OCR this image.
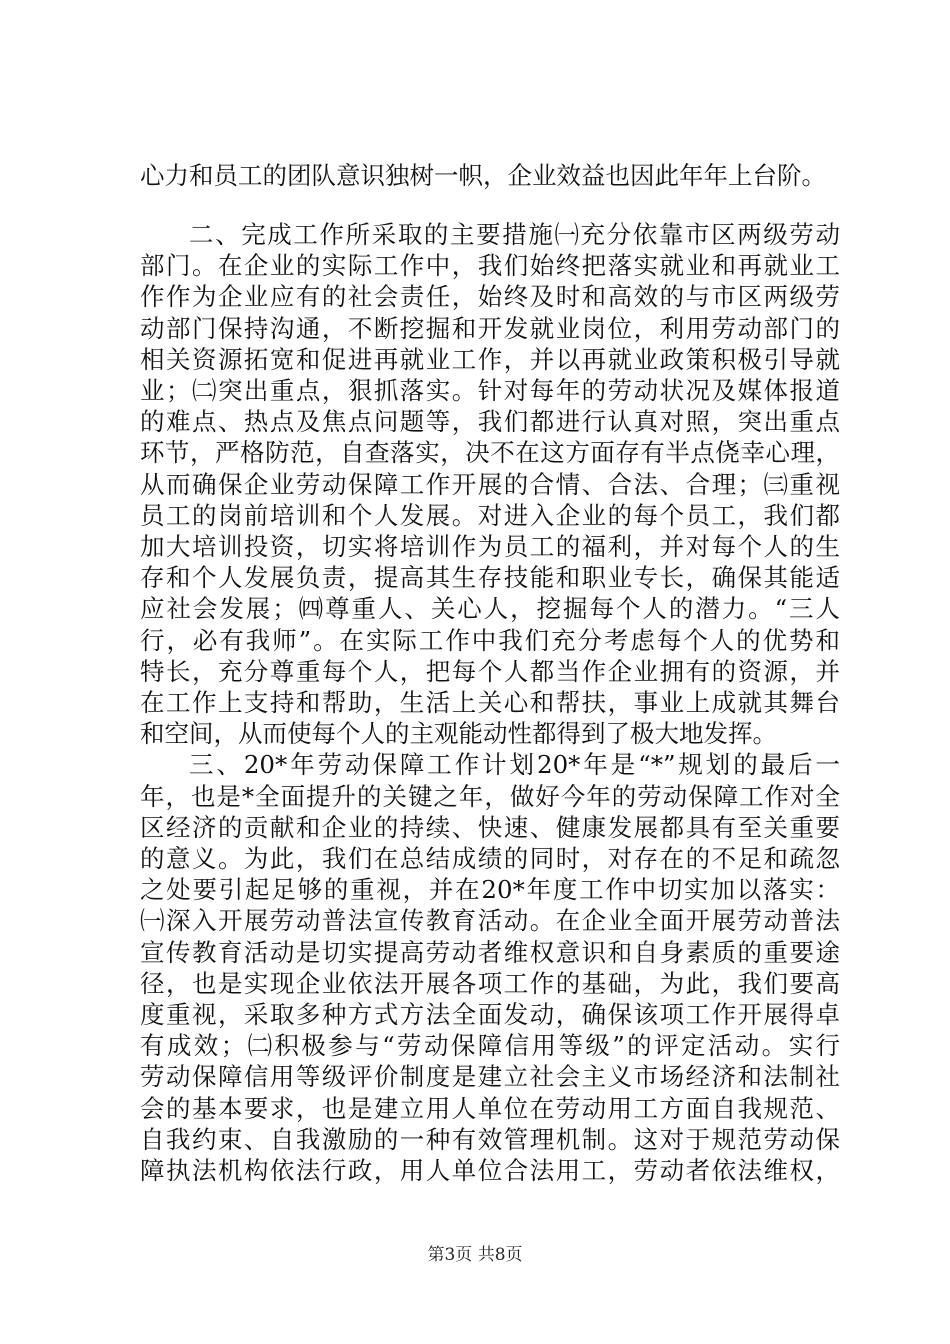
心力和员工的团队意识独树一帜，企业效益也因此年年上台阶。
二、完成工作所采取的主要措施㈠充分依靠市区两级劳动
部门。在企业的实际工作中，我们始终把落实就业和再就业工
作作为企业应有的社会责任，始终及时和高效的与市区两级劳
动部门保持沟通，不断挖掘和开发就业岗位，利用劳动部门的
相关资源拓宽和促进再就业工作，并以再就业政策积极引导就
业；㈡突出重点，狠抓落实。针对每年的劳动状况及媒体报道
的难点、热点及焦点问题等，我们都进行认真对照，突出重点
环节，严格防范，自查落实，决不在这方面存有半点侥幸心理，
从而确保企业劳动保障工作开展的合情、合法、合理；㈢重视
员工的岗前培训和个人发展。对进入企业的每个员工，我们都
加大培训投资，切实将培训作为员工的福利，并对每个人的生
存和个人发展负责，提高其生存技能和职业专长，确保其能适
应社会发展；㈣尊重人、关心人，挖掘每个人的潜力。“三人
行，必有我师”。在实际工作中我们充分考虑每个人的优势和
特长，充分尊重每个人，把每个人都当作企业拥有的资源，并
在工作上支持和帮助，生活上关心和帮扶，事业上成就其舞台
和空间，从而使每个人的主观能动性都得到了极大地发挥。
三、20*年劳动保障工作计划20*年是“*”规划的最后一
年，也是*全面提升的关键之年，做好今年的劳动保障工作对全
区经济的贡献和企业的持续、快速、健康发展都具有至关重要
的意义。为此，我们在总结成绩的同时，对存在的不足和疏忽
之处要引起足够的重视，并在20*年度工作中切实加以落实：
㈠深入开展劳动普法宣传教育活动。在企业全面开展劳动普法
宣传教育活动是切实提高劳动者维权意识和自身素质的重要途
径，也是实现企业依法开展各项工作的基础，为此，我们要高
度重视，采取多种方式方法全面发动，确保该项工作开展得卓
有成效；㈡积极参与“劳动保障信用等级”的评定活动。实行
劳动保障信用等级评价制度是建立社会主义市场经济和法制社
会的基本要求，也是建立用人单位在劳动用工方面自我规范、
自我约束、自我激励的一种有效管理机制。这对于规范劳动保
障执法机构依法行政，用人单位合法用工，劳动者依法维权，
第3页 共8页
